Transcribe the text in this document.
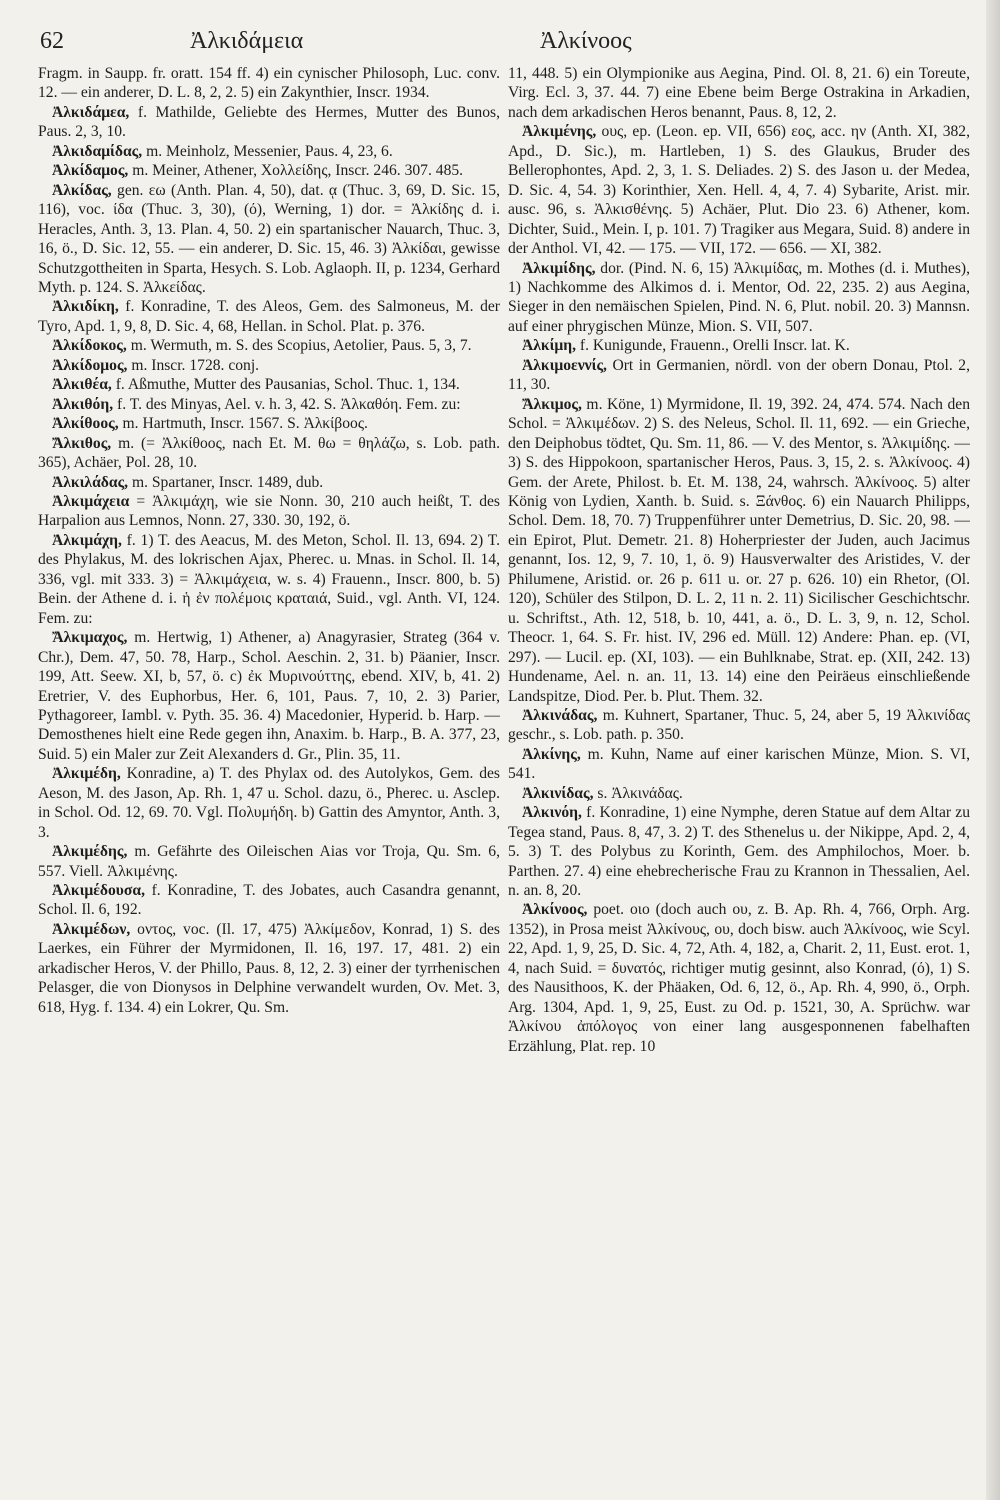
62	Ἀλκιδάμεια	Ἀλκίνοος

Fragm. in Saupp. fr. oratt. 154 ff. 4) ein cynischer Philosoph, Luc. conv. 12. — ein anderer, D. L. 8, 2, 2. 5) ein Zakynthier, Inscr. 1934.

Ἀλκιδάμεα, f. Mathilde, Geliebte des Hermes, Mutter des Bunos, Paus. 2, 3, 10.

Ἀλκιδαμίδας, m. Meinholz, Messenier, Paus. 4, 23, 6.

Ἀλκίδαμος, m. Meiner, Athener, Χολλείδης, Inscr. 246. 307. 485.

Ἀλκίδας, gen. εω (Anth. Plan. 4, 50), dat. ᾳ (Thuc. 3, 69, D. Sic. 15, 116), voc. ίδα (Thuc. 3, 30), (ό), Werning, 1) dor. = Ἀλκίδης d. i. Heracles, Anth. 3, 13. Plan. 4, 50. 2) ein spartanischer Nauarch, Thuc. 3, 16, ö., D. Sic. 12, 55. — ein anderer, D. Sic. 15, 46. 3) Ἀλκίδαι, gewisse Schutzgottheiten in Sparta, Hesych. S. Lob. Aglaoph. II, p. 1234, Gerhard Myth. p. 124. S. Ἀλκείδας.

Ἀλκιδίκη, f. Konradine, T. des Aleos, Gem. des Salmoneus, M. der Tyro, Apd. 1, 9, 8, D. Sic. 4, 68, Hellan. in Schol. Plat. p. 376.

Ἀλκίδοκος, m. Wermuth, m. S. des Scopius, Aetolier, Paus. 5, 3, 7.

Ἀλκίδομος, m. Inscr. 1728. conj.

Ἀλκιθέα, f. Aßmuthe, Mutter des Pausanias, Schol. Thuc. 1, 134.

Ἀλκιθόη, f. T. des Minyas, Ael. v. h. 3, 42. S. Ἀλκαθόη. Fem. zu:

Ἀλκίθοος, m. Hartmuth, Inscr. 1567. S. Ἀλκίβοος.

Ἄλκιθος, m. (= Ἀλκίθοος, nach Et. M. θω = θηλάζω, s. Lob. path. 365), Achäer, Pol. 28, 10.

Ἀλκιλάδας, m. Spartaner, Inscr. 1489, dub.

Ἀλκιμάχεια = Ἀλκιμάχη, wie sie Nonn. 30, 210 auch heißt, T. des Harpalion aus Lemnos, Nonn. 27, 330. 30, 192, ö.

Ἀλκιμάχη, f. 1) T. des Aeacus, M. des Meton, Schol. Il. 13, 694. 2) T. des Phylakus, M. des lokrischen Ajax, Pherec. u. Mnas. in Schol. Il. 14, 336, vgl. mit 333. 3) = Ἀλκιμάχεια, w. s. 4) Frauenn., Inscr. 800, b. 5) Bein. der Athene d. i. ἡ ἐν πολέμοις κραταιά, Suid., vgl. Anth. VI, 124. Fem. zu:

Ἄλκιμαχος, m. Hertwig, 1) Athener, a) Anagyrasier, Strateg (364 v. Chr.), Dem. 47, 50. 78, Harp., Schol. Aeschin. 2, 31. b) Päanier, Inscr. 199, Att. Seew. XI, b, 57, ö. c) ἐκ Μυρινούττης, ebend. XIV, b, 41. 2) Eretrier, V. des Euphorbus, Her. 6, 101, Paus. 7, 10, 2. 3) Parier, Pythagoreer, Iambl. v. Pyth. 35. 36. 4) Macedonier, Hyperid. b. Harp. — Demosthenes hielt eine Rede gegen ihn, Anaxim. b. Harp., B. A. 377, 23, Suid. 5) ein Maler zur Zeit Alexanders d. Gr., Plin. 35, 11.

Ἀλκιμέδη, Konradine, a) T. des Phylax od. des Autolykos, Gem. des Aeson, M. des Jason, Ap. Rh. 1, 47 u. Schol. dazu, ö., Pherec. u. Asclep. in Schol. Od. 12, 69. 70. Vgl. Πολυμήδη. b) Gattin des Amyntor, Anth. 3, 3.

Ἀλκιμέδης, m. Gefährte des Oileischen Aias vor Troja, Qu. Sm. 6, 557. Viell. Ἀλκιμένης.

Ἀλκιμέδουσα, f. Konradine, T. des Jobates, auch Casandra genannt, Schol. Il. 6, 192.

Ἀλκιμέδων, οντος, voc. (Il. 17, 475) Ἀλκίμεδον, Konrad, 1) S. des Laerkes, ein Führer der Myrmidonen, Il. 16, 197. 17, 481. 2) ein arkadischer Heros, V. der Phillo, Paus. 8, 12, 2. 3) einer der tyrrhenischen Pelasger, die von Dionysos in Delphine verwandelt wurden, Ov. Met. 3, 618, Hyg. f. 134. 4) ein Lokrer, Qu. Sm.

11, 448. 5) ein Olympionike aus Aegina, Pind. Ol. 8, 21. 6) ein Toreute, Virg. Ecl. 3, 37. 44. 7) eine Ebene beim Berge Ostrakina in Arkadien, nach dem arkadischen Heros benannt, Paus. 8, 12, 2.

Ἀλκιμένης, ους, ep. (Leon. ep. VII, 656) εος, acc. ην (Anth. XI, 382, Apd., D. Sic.), m. Hartleben, 1) S. des Glaukus, Bruder des Bellerophontes, Apd. 2, 3, 1. S. Deliades. 2) S. des Jason u. der Medea, D. Sic. 4, 54. 3) Korinthier, Xen. Hell. 4, 4, 7. 4) Sybarite, Arist. mir. ausc. 96, s. Ἀλκισθένης. 5) Achäer, Plut. Dio 23. 6) Athener, kom. Dichter, Suid., Mein. I, p. 101. 7) Tragiker aus Megara, Suid. 8) andere in der Anthol. VI, 42. — 175. — VII, 172. — 656. — XI, 382.

Ἀλκιμίδης, dor. (Pind. N. 6, 15) Ἀλκιμίδας, m. Mothes (d. i. Muthes), 1) Nachkomme des Alkimos d. i. Mentor, Od. 22, 235. 2) aus Aegina, Sieger in den nemäischen Spielen, Pind. N. 6, Plut. nobil. 20. 3) Mannsn. auf einer phrygischen Münze, Mion. S. VII, 507.

Ἀλκίμη, f. Kunigunde, Frauenn., Orelli Inscr. lat. K.

Ἀλκιμοεννίς, Ort in Germanien, nördl. von der obern Donau, Ptol. 2, 11, 30.

Ἄλκιμος, m. Köne, 1) Myrmidone, Il. 19, 392. 24, 474. 574. Nach den Schol. = Ἀλκιμέδων. 2) S. des Neleus, Schol. Il. 11, 692. — ein Grieche, den Deiphobus tödtet, Qu. Sm. 11, 86. — V. des Mentor, s. Ἀλκιμίδης. — 3) S. des Hippokoon, spartanischer Heros, Paus. 3, 15, 2. s. Ἀλκίνοος. 4) Gem. der Arete, Philost. b. Et. M. 138, 24, wahrsch. Ἀλκίνοος. 5) alter König von Lydien, Xanth. b. Suid. s. Ξάνθος. 6) ein Nauarch Philipps, Schol. Dem. 18, 70. 7) Truppenführer unter Demetrius, D. Sic. 20, 98. — ein Epirot, Plut. Demetr. 21. 8) Hoherpriester der Juden, auch Jacimus genannt, Ios. 12, 9, 7. 10, 1, ö. 9) Hausverwalter des Aristides, V. der Philumene, Aristid. or. 26 p. 611 u. or. 27 p. 626. 10) ein Rhetor, (Ol. 120), Schüler des Stilpon, D. L. 2, 11 n. 2. 11) Sicilischer Geschichtschr. u. Schriftst., Ath. 12, 518, b. 10, 441, a. ö., D. L. 3, 9, n. 12, Schol. Theocr. 1, 64. S. Fr. hist. IV, 296 ed. Müll. 12) Andere: Phan. ep. (VI, 297). — Lucil. ep. (XI, 103). — ein Buhlknabe, Strat. ep. (XII, 242. 13) Hundename, Ael. n. an. 11, 13. 14) eine den Peiräeus einschließende Landspitze, Diod. Per. b. Plut. Them. 32.

Ἀλκινάδας, m. Kuhnert, Spartaner, Thuc. 5, 24, aber 5, 19 Ἀλκινίδας geschr., s. Lob. path. p. 350.

Ἀλκίνης, m. Kuhn, Name auf einer karischen Münze, Mion. S. VI, 541.

Ἀλκινίδας, s. Ἀλκινάδας.

Ἀλκινόη, f. Konradine, 1) eine Nymphe, deren Statue auf dem Altar zu Tegea stand, Paus. 8, 47, 3. 2) T. des Sthenelus u. der Nikippe, Apd. 2, 4, 5. 3) T. des Polybus zu Korinth, Gem. des Amphilochos, Moer. b. Parthen. 27. 4) eine ehebrecherische Frau zu Krannon in Thessalien, Ael. n. an. 8, 20.

Ἀλκίνοος, poet. οιο (doch auch ου, z. B. Ap. Rh. 4, 766, Orph. Arg. 1352), in Prosa meist Ἀλκίνους, ου, doch bisw. auch Ἀλκίνοος, wie Scyl. 22, Apd. 1, 9, 25, D. Sic. 4, 72, Ath. 4, 182, a, Charit. 2, 11, Eust. erot. 1, 4, nach Suid. = δυνατός, richtiger mutig gesinnt, also Konrad, (ό), 1) S. des Nausithoos, K. der Phäaken, Od. 6, 12, ö., Ap. Rh. 4, 990, ö., Orph. Arg. 1304, Apd. 1, 9, 25, Eust. zu Od. p. 1521, 30, A. Sprüchw. war Ἀλκίνου ἀπόλογος von einer lang ausgesponnenen fabelhaften Erzählung, Plat. rep. 10
